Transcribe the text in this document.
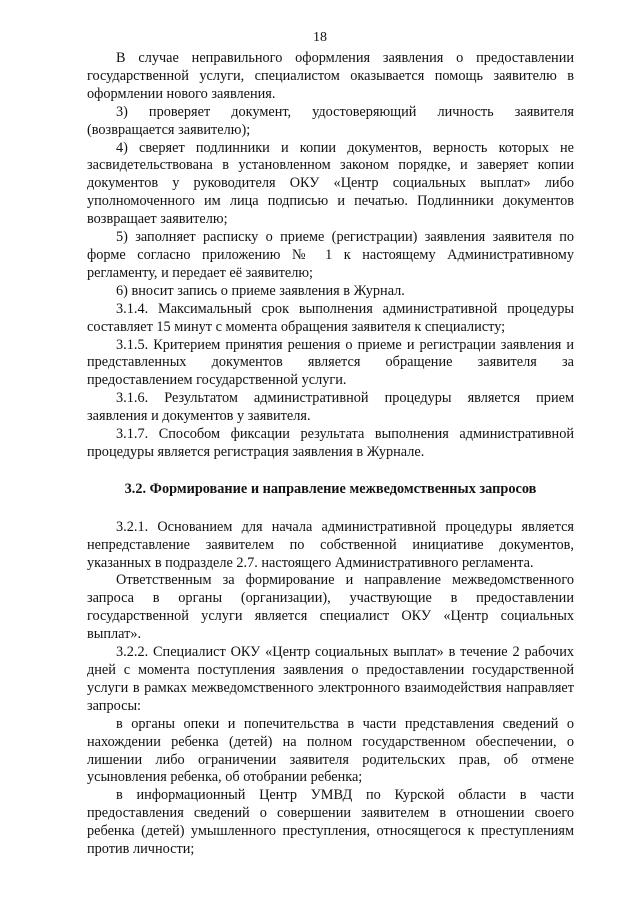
18

В случае неправильного оформления заявления о предоставлении государственной услуги, специалистом оказывается помощь заявителю в оформлении нового заявления.

3) проверяет документ, удостоверяющий личность заявителя (возвращается заявителю);

4) сверяет подлинники и копии документов, верность которых не засвидетельствована в установленном законом порядке, и заверяет копии документов у руководителя ОКУ «Центр социальных выплат» либо уполномоченного им лица подписью и печатью. Подлинники документов возвращает заявителю;

5) заполняет расписку о приеме (регистрации) заявления заявителя по форме согласно приложению № 1 к настоящему Административному регламенту, и передает её заявителю;

6) вносит запись о приеме заявления в Журнал.

3.1.4. Максимальный срок выполнения административной процедуры составляет 15 минут с момента обращения заявителя к специалисту;

3.1.5. Критерием принятия решения о приеме и регистрации заявления и представленных документов является обращение заявителя за предоставлением государственной услуги.

3.1.6. Результатом административной процедуры является прием заявления и документов у заявителя.

3.1.7. Способом фиксации результата выполнения административной процедуры является регистрация заявления в Журнале.

3.2. Формирование и направление межведомственных запросов

3.2.1. Основанием для начала административной процедуры является непредставление заявителем по собственной инициативе документов, указанных в подразделе 2.7. настоящего Административного регламента.

Ответственным за формирование и направление межведомственного запроса в органы (организации), участвующие в предоставлении государственной услуги является специалист ОКУ «Центр социальных выплат».

3.2.2. Специалист ОКУ «Центр социальных выплат» в течение 2 рабочих дней с момента поступления заявления о предоставлении государственной услуги в рамках межведомственного электронного взаимодействия направляет запросы:

в органы опеки и попечительства в части представления сведений о нахождении ребенка (детей) на полном государственном обеспечении, о лишении либо ограничении заявителя родительских прав, об отмене усыновления ребенка, об отобрании ребенка;

в информационный Центр УМВД по Курской области в части предоставления сведений о совершении заявителем в отношении своего ребенка (детей) умышленного преступления, относящегося к преступлениям против личности;
